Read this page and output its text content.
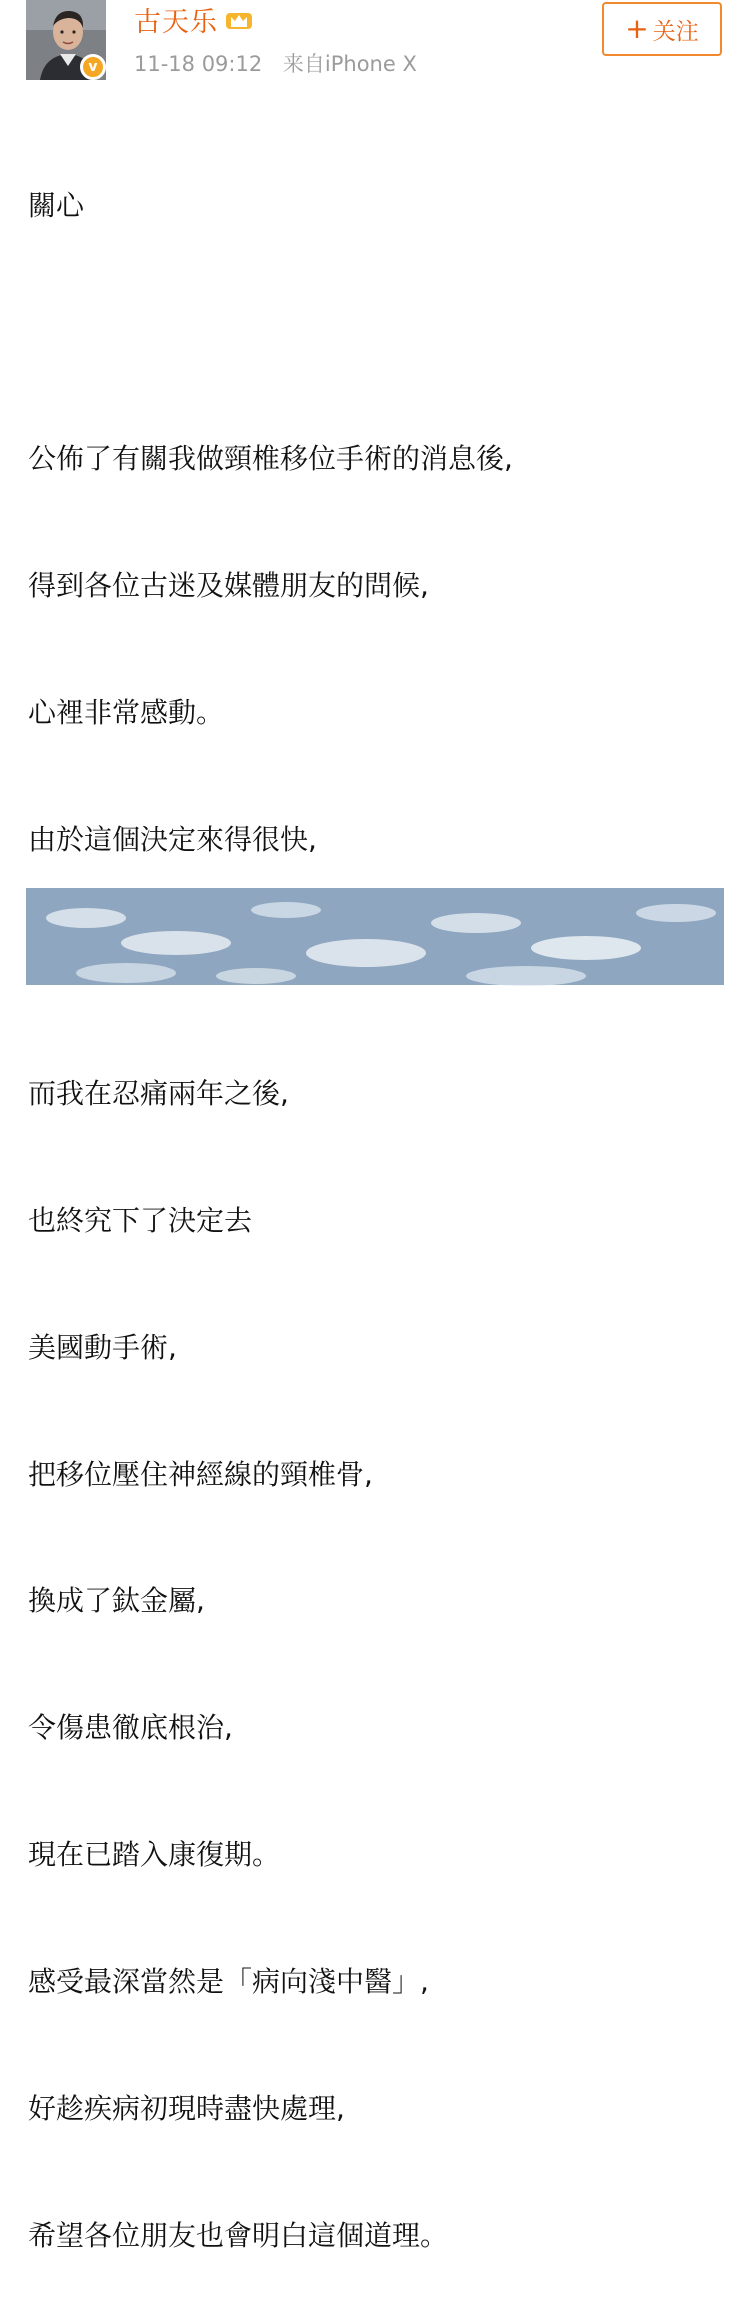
v
古天乐
11-18 09:12 来自iPhone X
+ 关注

關心

公佈了有關我做頸椎移位手術的消息後,

得到各位古迷及媒體朋友的問候,

心裡非常感動。

由於這個決定來得很快,

而我在忍痛兩年之後,

也終究下了決定去

美國動手術,

把移位壓住神經線的頸椎骨,

換成了鈦金屬,

令傷患徹底根治,

現在已踏入康復期。

感受最深當然是「病向淺中醫」,

好趁疾病初現時盡快處理,

希望各位朋友也會明白這個道理。
